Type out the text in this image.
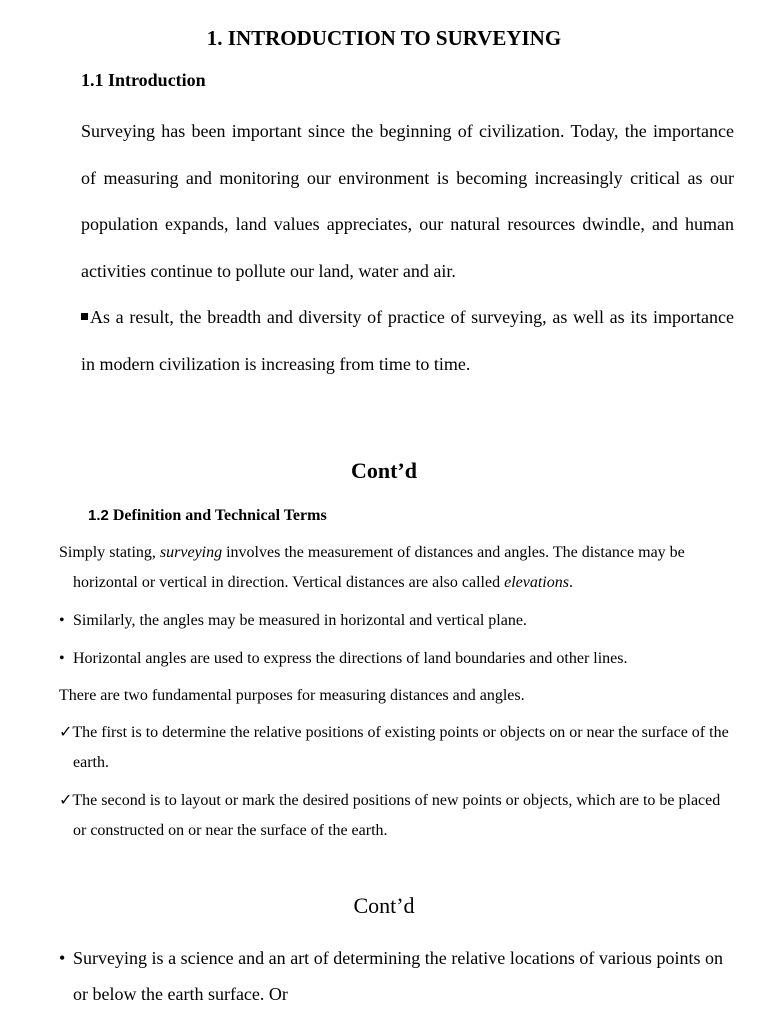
1. INTRODUCTION TO SURVEYING
1.1 Introduction
Surveying has been important since the beginning of civilization. Today, the importance of measuring and monitoring our environment is becoming increasingly critical as our population expands, land values appreciates, our natural resources dwindle, and human activities continue to pollute our land, water and air.
As a result, the breadth and diversity of practice of surveying, as well as its importance in modern civilization is increasing from time to time.
Cont’d
1.2 Definition and Technical Terms

Simply stating, surveying involves the measurement of distances and angles. The distance may be horizontal or vertical in direction. Vertical distances are also called elevations.

• Similarly, the angles may be measured in horizontal and vertical plane.

• Horizontal angles are used to express the directions of land boundaries and other lines.

There are two fundamental purposes for measuring distances and angles.

✓The first is to determine the relative positions of existing points or objects on or near the surface of the earth.

✓The second is to layout or mark the desired positions of new points or objects, which are to be placed or constructed on or near the surface of the earth.

Cont’d

• Surveying is a science and an art of determining the relative locations of various points on or below the earth surface. Or
